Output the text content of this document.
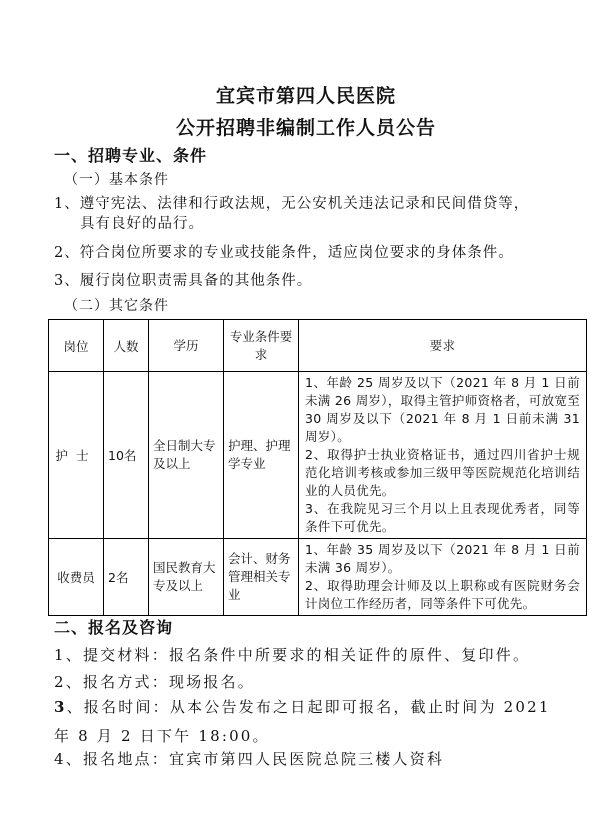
宜宾市第四人民医院
公开招聘非编制工作人员公告
一、招聘专业、条件
（一）基本条件
1、遵守宪法、法律和行政法规，无公安机关违法记录和民间借贷等，
具有良好的品行。
2、符合岗位所要求的专业或技能条件，适应岗位要求的身体条件。
3、履行岗位职责需具备的其他条件。
（二）其它条件
岗位	人数	学历	专业条件要求	要求
护士	10名	全日制大专及以上	护理、护理学专业	1、年龄 25 周岁及以下（2021 年 8 月 1 日前未满 26 周岁），取得主管护师资格者，可放宽至 30 周岁及以下（2021 年 8 月 1 日前未满 31 周岁）。

2、取得护士执业资格证书，通过四川省护士规范化培训考核或参加三级甲等医院规范化培训结业的人员优先。

3、在我院见习三个月以上且表现优秀者，同等条件下可优先。

收费员	2名	国民教育大专及以上	会计、财务管理相关专业	1、年龄 35 周岁及以下（2021 年 8 月 1 日前未满 36 周岁）。

2、取得助理会计师及以上职称或有医院财务会计岗位工作经历者，同等条件下可优先。

二、报名及咨询
1、提交材料：报名条件中所要求的相关证件的原件、复印件。
2、报名方式：现场报名。
3、报名时间：从本公告发布之日起即可报名，截止时间为 2021 年 8 月 2 日下午 18:00。
4、报名地点：宜宾市第四人民医院总院三楼人资科
